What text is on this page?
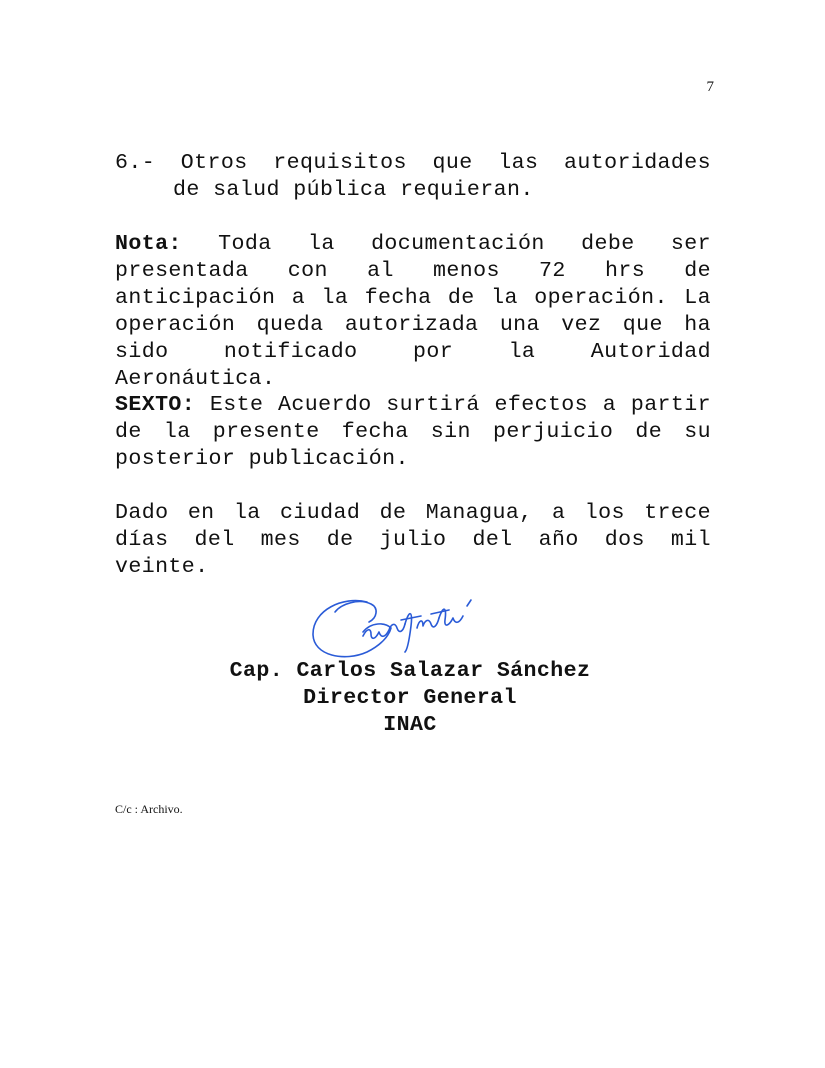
7
6.- Otros requisitos que las autoridades
de salud pública requieran.
Nota: Toda la documentación debe ser presentada con al menos 72 hrs de anticipación a la fecha de la operación. La operación queda autorizada una vez que ha sido notificado por la Autoridad Aeronáutica.
SEXTO: Este Acuerdo surtirá efectos a partir de la presente fecha sin perjuicio de su posterior publicación.
Dado en la ciudad de Managua, a los trece días del mes de julio del año dos mil veinte.
Cap. Carlos Salazar Sánchez
Director General
INAC
C/c : Archivo.
